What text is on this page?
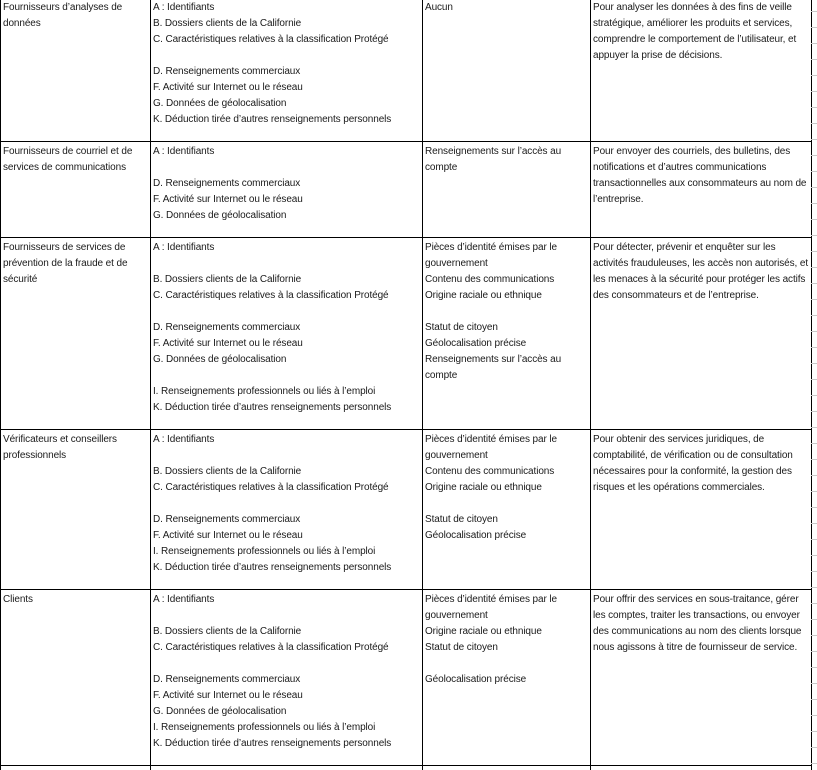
Fournisseurs d’analyses de données
A : Identifiants
B. Dossiers clients de la Californie
C. Caractéristiques relatives à la classification Protégé

D. Renseignements commerciaux
F. Activité sur Internet ou le réseau
G. Données de géolocalisation
K. Déduction tirée d’autres renseignements personnels
Aucun	Pour analyser les données à des fins de veille stratégique, améliorer les produits et services, comprendre le comportement de l’utilisateur, et appuyer la prise de décisions.
Fournisseurs de courriel et de services de communications
A : Identifiants

D. Renseignements commerciaux
F. Activité sur Internet ou le réseau
G. Données de géolocalisation
Renseignements sur l’accès au
compte
Pour envoyer des courriels, des bulletins, des notifications et d’autres communications transactionnelles aux consommateurs au nom de l’entreprise.
Fournisseurs de services de prévention de la fraude et de sécurité
A : Identifiants

B. Dossiers clients de la Californie
C. Caractéristiques relatives à la classification Protégé

D. Renseignements commerciaux
F. Activité sur Internet ou le réseau
G. Données de géolocalisation

I. Renseignements professionnels ou liés à l’emploi
K. Déduction tirée d’autres renseignements personnels
Pièces d’identité émises par le
gouvernement
Contenu des communications
Origine raciale ou ethnique

Statut de citoyen
Géolocalisation précise
Renseignements sur l’accès au
compte
Pour détecter, prévenir et enquêter sur les activités frauduleuses, les accès non autorisés, et les menaces à la sécurité pour protéger les actifs des consommateurs et de l’entreprise.
Vérificateurs et conseillers professionnels
A : Identifiants

B. Dossiers clients de la Californie
C. Caractéristiques relatives à la classification Protégé

D. Renseignements commerciaux
F. Activité sur Internet ou le réseau
I. Renseignements professionnels ou liés à l’emploi
K. Déduction tirée d’autres renseignements personnels
Pièces d’identité émises par le
gouvernement
Contenu des communications
Origine raciale ou ethnique

Statut de citoyen
Géolocalisation précise
Pour obtenir des services juridiques, de comptabilité, de vérification ou de consultation nécessaires pour la conformité, la gestion des risques et les opérations commerciales.
Clients	A : Identifiants

B. Dossiers clients de la Californie
C. Caractéristiques relatives à la classification Protégé

D. Renseignements commerciaux
F. Activité sur Internet ou le réseau
G. Données de géolocalisation
I. Renseignements professionnels ou liés à l’emploi
K. Déduction tirée d’autres renseignements personnels
Pièces d’identité émises par le
gouvernement
Origine raciale ou ethnique
Statut de citoyen

Géolocalisation précise
Pour offrir des services en sous-traitance, gérer les comptes, traiter les transactions, ou envoyer des communications au nom des clients lorsque nous agissons à titre de fournisseur de service.
